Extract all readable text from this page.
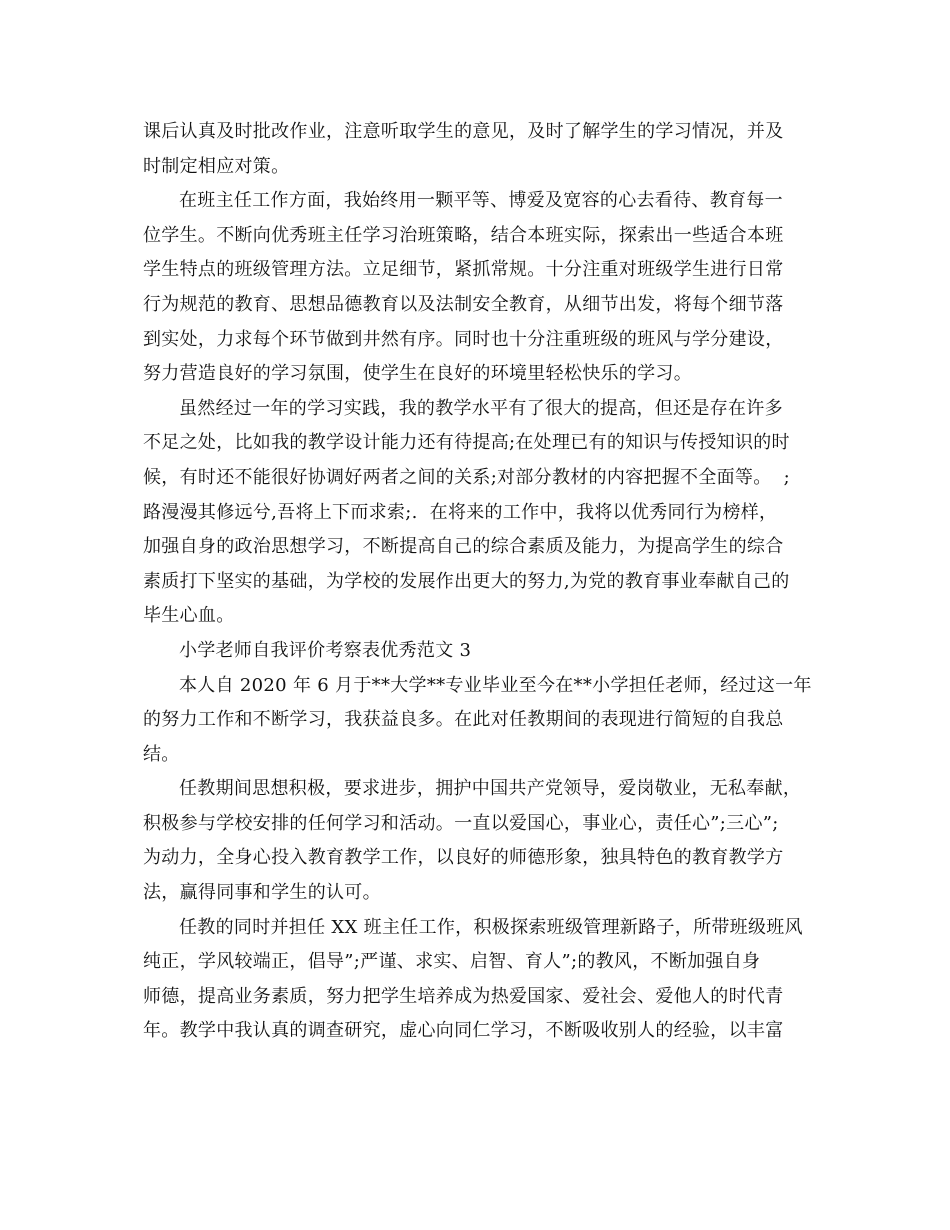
课后认真及时批改作业，注意听取学生的意见，及时了解学生的学习情况，并及
时制定相应对策。
在班主任工作方面，我始终用一颗平等、博爱及宽容的心去看待、教育每一
位学生。不断向优秀班主任学习治班策略，结合本班实际，探索出一些适合本班
学生特点的班级管理方法。立足细节，紧抓常规。十分注重对班级学生进行日常
行为规范的教育、思想品德教育以及法制安全教育，从细节出发，将每个细节落
到实处，力求每个环节做到井然有序。同时也十分注重班级的班风与学分建设，
努力营造良好的学习氛围，使学生在良好的环境里轻松快乐的学习。
虽然经过一年的学习实践，我的教学水平有了很大的提高，但还是存在许多
不足之处，比如我的教学设计能力还有待提高;在处理已有的知识与传授知识的时
候，有时还不能很好协调好两者之间的关系;对部分教材的内容把握不全面等。  ;
路漫漫其修远兮,吾将上下而求索;.  在将来的工作中，我将以优秀同行为榜样，
加强自身的政治思想学习，不断提高自己的综合素质及能力，为提高学生的综合
素质打下坚实的基础，为学校的发展作出更大的努力,为党的教育事业奉献自己的
毕生心血。
小学老师自我评价考察表优秀范文 3
本人自 2020 年 6 月于**大学**专业毕业至今在**小学担任老师，经过这一年
的努力工作和不断学习，我获益良多。在此对任教期间的表现进行简短的自我总
结。
任教期间思想积极，要求进步，拥护中国共产党领导，爱岗敬业，无私奉献，
积极参与学校安排的任何学习和活动。一直以爱国心，事业心，责任心”;三心”;
为动力，全身心投入教育教学工作，以良好的师德形象，独具特色的教育教学方
法，赢得同事和学生的认可。
任教的同时并担任 XX 班主任工作，积极探索班级管理新路子，所带班级班风
纯正，学风较端正，倡导”;严谨、求实、启智、育人”;的教风，不断加强自身
师德，提高业务素质，努力把学生培养成为热爱国家、爱社会、爱他人的时代青
年。教学中我认真的调查研究，虚心向同仁学习，不断吸收别人的经验，以丰富
